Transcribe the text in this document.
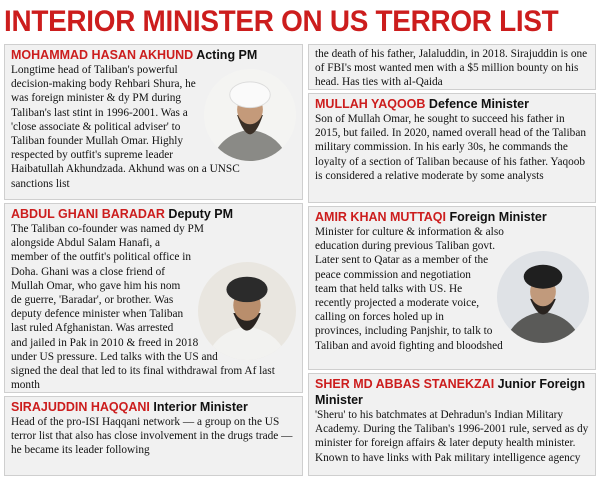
INTERIOR MINISTER ON US TERROR LIST
MOHAMMAD HASAN AKHUND Acting PM
Longtime head of Taliban's powerful decision-making body Rehbari Shura, he was foreign minister & dy PM during Taliban's last stint in 1996-2001. Was a 'close associate & political adviser' to Taliban founder Mullah Omar. Highly respected by outfit's supreme leader Haibatullah Akhundzada. Akhund was on a UNSC sanctions list
ABDUL GHANI BARADAR Deputy PM
The Taliban co-founder was named dy PM alongside Abdul Salam Hanafi, a member of the outfit's political office in Doha. Ghani was a close friend of Mullah Omar, who gave him his nom de guerre, 'Baradar', or brother. Was deputy defence minister when Taliban last ruled Afghanistan. Was arrested and jailed in Pak in 2010 & freed in 2018 under US pressure. Led talks with the US and signed the deal that led to its final withdrawal from Af last month
SIRAJUDDIN HAQQANI Interior Minister
Head of the pro-ISI Haqqani network — a group on the US terror list that also has close involvement in the drugs trade — he became its leader following
the death of his father, Jalaluddin, in 2018. Sirajuddin is one of FBI's most wanted men with a $5 million bounty on his head. Has ties with al-Qaida
MULLAH YAQOOB Defence Minister
Son of Mullah Omar, he sought to succeed his father in 2015, but failed. In 2020, named overall head of the Taliban military commission. In his early 30s, he commands the loyalty of a section of Taliban because of his father. Yaqoob is considered a relative moderate by some analysts
AMIR KHAN MUTTAQI Foreign Minister
Minister for culture & information & also education during previous Taliban govt. Later sent to Qatar as a member of the peace commission and negotiation team that held talks with US. He recently projected a moderate voice, calling on forces holed up in provinces, including Panjshir, to talk to Taliban and avoid fighting and bloodshed
SHER MD ABBAS STANEKZAI Junior Foreign Minister
'Sheru' to his batchmates at Dehradun's Indian Military Academy. During the Taliban's 1996-2001 rule, served as dy minister for foreign affairs & later deputy health minister. Known to have links with Pak military intelligence agency
